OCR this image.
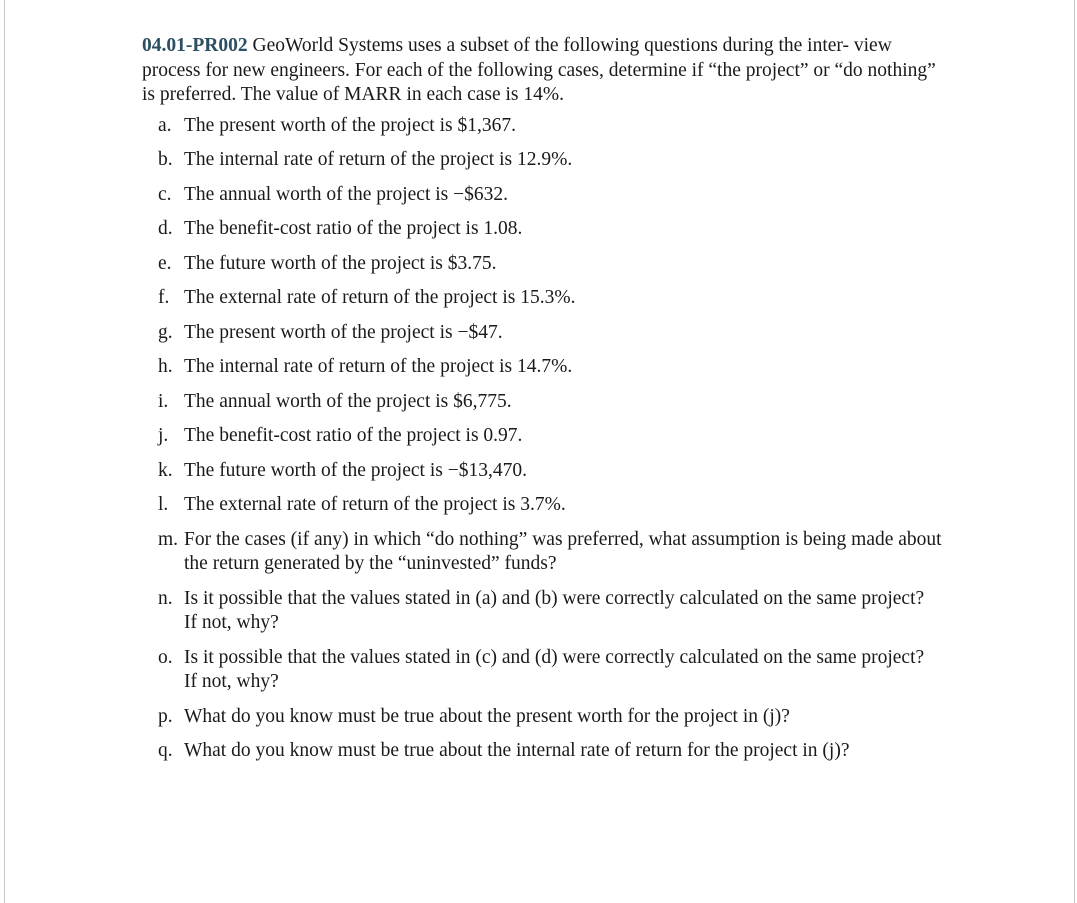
04.01-PR002 GeoWorld Systems uses a subset of the following questions during the inter- view process for new engineers. For each of the following cases, determine if “the project” or “do nothing” is preferred. The value of MARR in each case is 14%.

a. The present worth of the project is $1,367.
b. The internal rate of return of the project is 12.9%.
c. The annual worth of the project is −$632.
d. The benefit-cost ratio of the project is 1.08.
e. The future worth of the project is $3.75.
f. The external rate of return of the project is 15.3%.
g. The present worth of the project is −$47.
h. The internal rate of return of the project is 14.7%.
i. The annual worth of the project is $6,775.
j. The benefit-cost ratio of the project is 0.97.
k. The future worth of the project is −$13,470.
l. The external rate of return of the project is 3.7%.
m. For the cases (if any) in which “do nothing” was preferred, what assumption is being made about the return generated by the “uninvested” funds?
n. Is it possible that the values stated in (a) and (b) were correctly calculated on the same project? If not, why?
o. Is it possible that the values stated in (c) and (d) were correctly calculated on the same project? If not, why?
p. What do you know must be true about the present worth for the project in (j)?
q. What do you know must be true about the internal rate of return for the project in (j)?
